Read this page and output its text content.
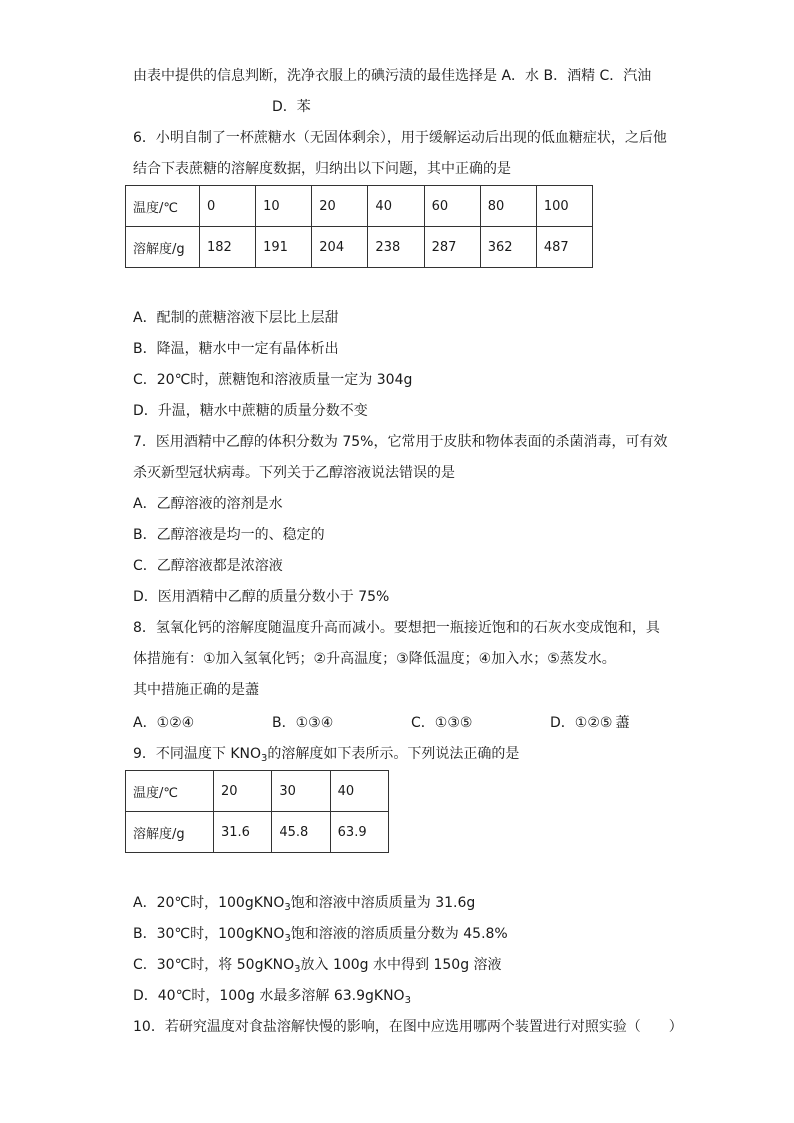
由表中提供的信息判断，洗净衣服上的碘污渍的最佳选择是 A．水 B．酒精 C．汽油
D．苯
6．小明自制了一杯蔗糖水（无固体剩余），用于缓解运动后出现的低血糖症状，之后他
结合下表蔗糖的溶解度数据，归纳出以下问题，其中正确的是
温度/℃	0	10	20	40	60	80	100
溶解度/g	182	191	204	238	287	362	487
A．配制的蔗糖溶液下层比上层甜
B．降温，糖水中一定有晶体析出
C．20℃时，蔗糖饱和溶液质量一定为 304g
D．升温，糖水中蔗糖的质量分数不变
7．医用酒精中乙醇的体积分数为 75%，它常用于皮肤和物体表面的杀菌消毒，可有效
杀灭新型冠状病毒。下列关于乙醇溶液说法错误的是
A．乙醇溶液的溶剂是水
B．乙醇溶液是均一的、稳定的
C．乙醇溶液都是浓溶液
D．医用酒精中乙醇的质量分数小于 75%
8．氢氧化钙的溶解度随温度升高而减小。要想把一瓶接近饱和的石灰水变成饱和，具
体措施有：①加入氢氧化钙；②升高温度；③降低温度；④加入水；⑤蒸发水。
其中措施正确的是藎
A．①②④	B．①③④	C．①③⑤	D．①②⑤ 藎
9．不同温度下 $KNO_3$的溶解度如下表所示。下列说法正确的是
温度/℃	20	30	40
溶解度/g	31.6	45.8	63.9
A．20℃时，100gKNO$_3$饱和溶液中溶质质量为 31.6g
B．30℃时，100gKNO$_3$饱和溶液的溶质质量分数为 45.8%
C．30℃时，将 50gKNO$_3$放入 100g 水中得到 150g 溶液
D．40℃时，100g 水最多溶解 63.9gKNO$_3$
10．若研究温度对食盐溶解快慢的影响，在图中应选用哪两个装置进行对照实验（　　）
